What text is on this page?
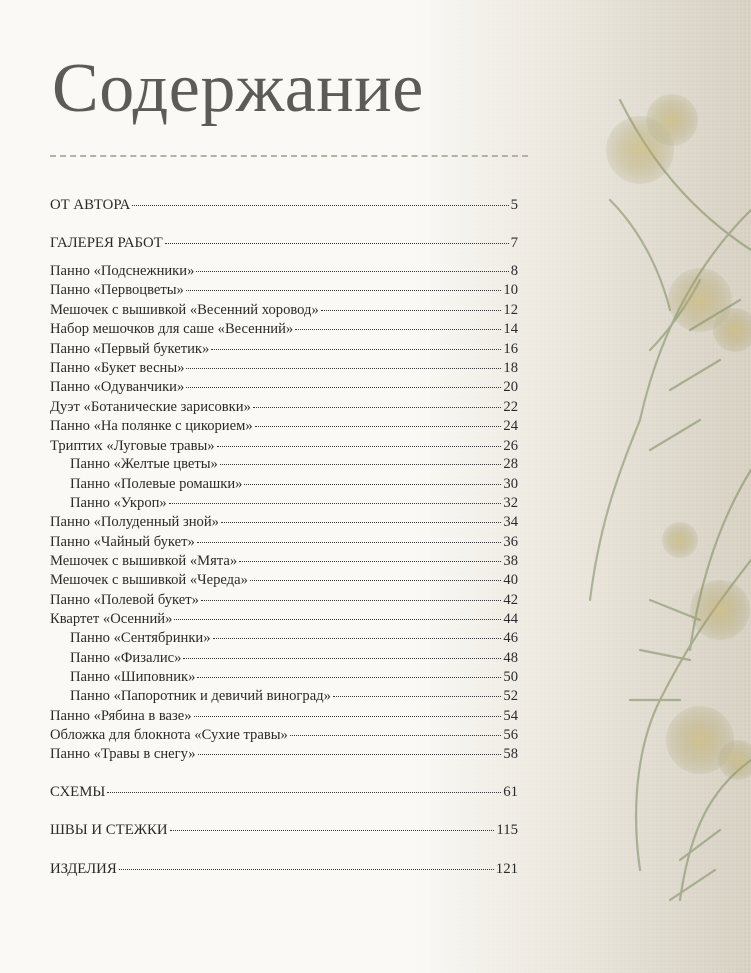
Содержание
ОТ АВТОРА	5
ГАЛЕРЕЯ РАБОТ	7
Панно «Подснежники»	8
Панно «Первоцветы»	10
Мешочек с вышивкой «Весенний хоровод»	12
Набор мешочков для саше «Весенний»	14
Панно «Первый букетик»	16
Панно «Букет весны»	18
Панно «Одуванчики»	20
Дуэт «Ботанические зарисовки»	22
Панно «На полянке с цикорием»	24
Триптих «Луговые травы»	26
Панно «Желтые цветы»	28
Панно «Полевые ромашки»	30
Панно «Укроп»	32
Панно «Полуденный зной»	34
Панно «Чайный букет»	36
Мешочек с вышивкой «Мята»	38
Мешочек с вышивкой «Череда»	40
Панно «Полевой букет»	42
Квартет «Осенний»	44
Панно «Сентябринки»	46
Панно «Физалис»	48
Панно «Шиповник»	50
Панно «Папоротник и девичий виноград»	52
Панно «Рябина в вазе»	54
Обложка для блокнота «Сухие травы»	56
Панно «Травы в снегу»	58
СХЕМЫ	61
ШВЫ И СТЕЖКИ	115
ИЗДЕЛИЯ	121
